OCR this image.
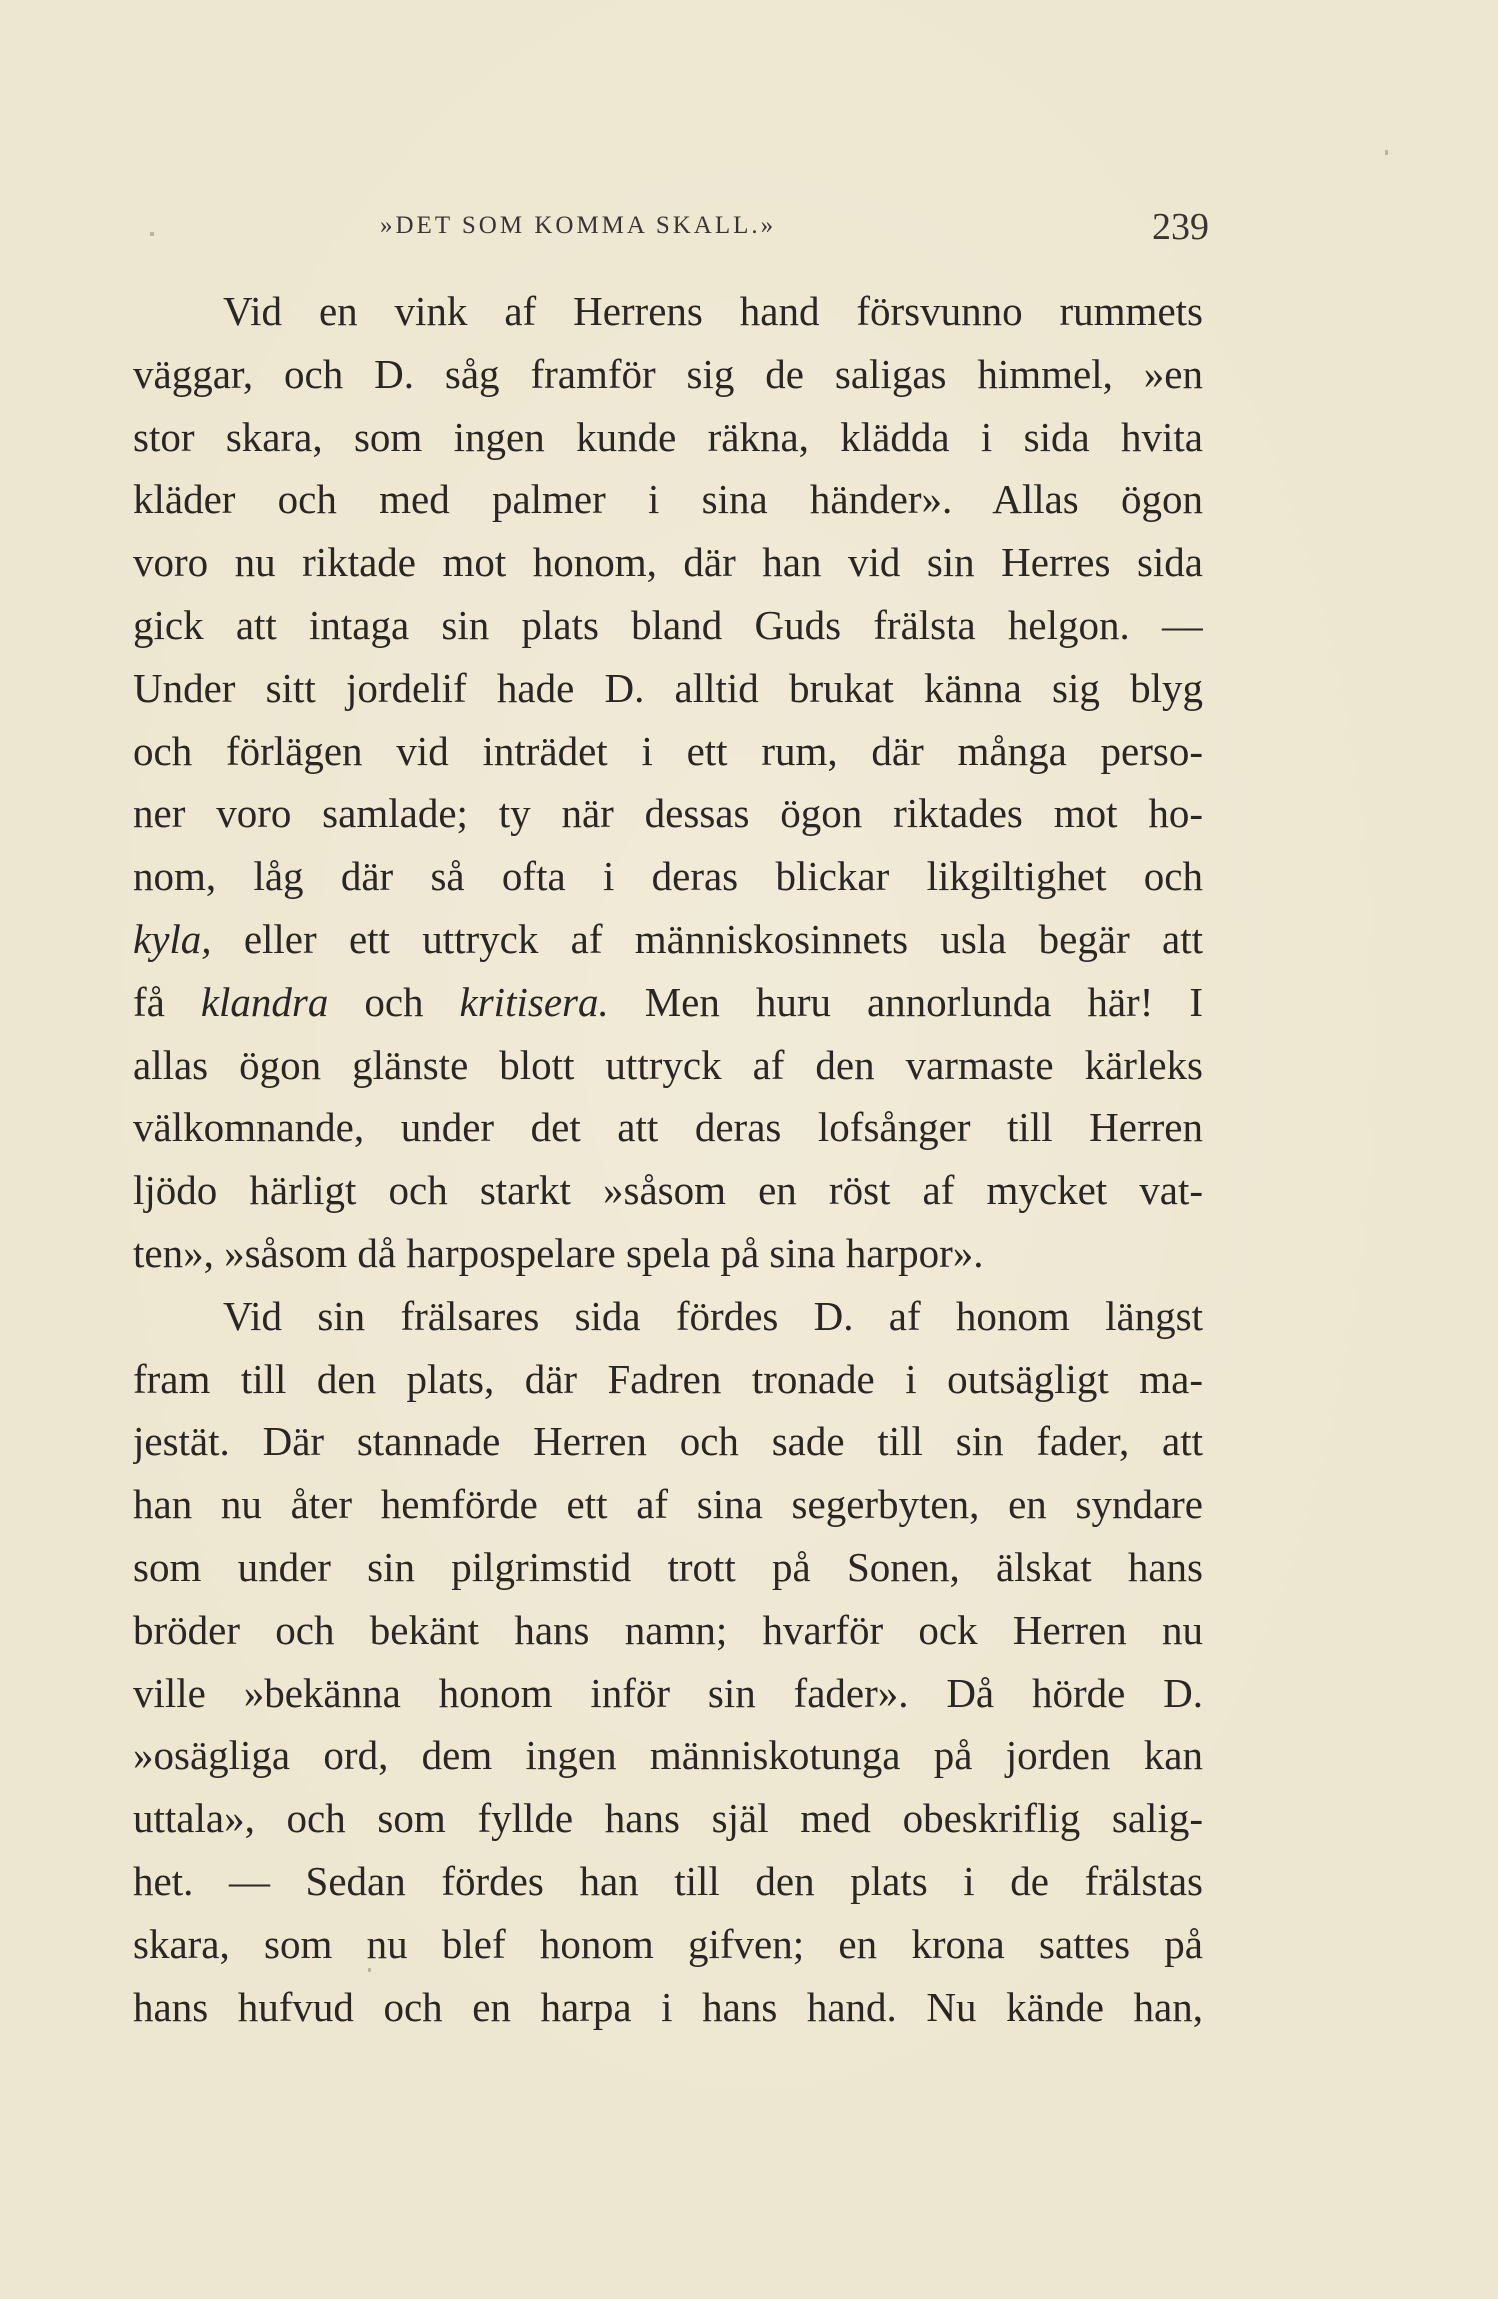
»DET SOM KOMMA SKALL.»	239
Vid en vink af Herrens hand försvunno rummets
väggar, och D. såg framför sig de saligas himmel, »en
stor skara, som ingen kunde räkna, klädda i sida hvita
kläder och med palmer i sina händer». Allas ögon
voro nu riktade mot honom, där han vid sin Herres sida
gick att intaga sin plats bland Guds frälsta helgon. —
Under sitt jordelif hade D. alltid brukat känna sig blyg
och förlägen vid inträdet i ett rum, där många perso-
ner voro samlade; ty när dessas ögon riktades mot ho-
nom, låg där så ofta i deras blickar likgiltighet och
kyla, eller ett uttryck af människosinnets usla begär att
få klandra och kritisera. Men huru annorlunda här! I
allas ögon glänste blott uttryck af den varmaste kärleks
välkomnande, under det att deras lofsånger till Herren
ljödo härligt och starkt »såsom en röst af mycket vat-
ten», »såsom då harpospelare spela på sina harpor».
Vid sin frälsares sida fördes D. af honom längst
fram till den plats, där Fadren tronade i outsägligt ma-
jestät. Där stannade Herren och sade till sin fader, att
han nu åter hemförde ett af sina segerbyten, en syndare
som under sin pilgrimstid trott på Sonen, älskat hans
bröder och bekänt hans namn; hvarför ock Herren nu
ville »bekänna honom inför sin fader». Då hörde D.
»osägliga ord, dem ingen människotunga på jorden kan
uttala», och som fyllde hans själ med obeskriflig salig-
het. — Sedan fördes han till den plats i de frälstas
skara, som nu blef honom gifven; en krona sattes på
hans hufvud och en harpa i hans hand. Nu kände han,
